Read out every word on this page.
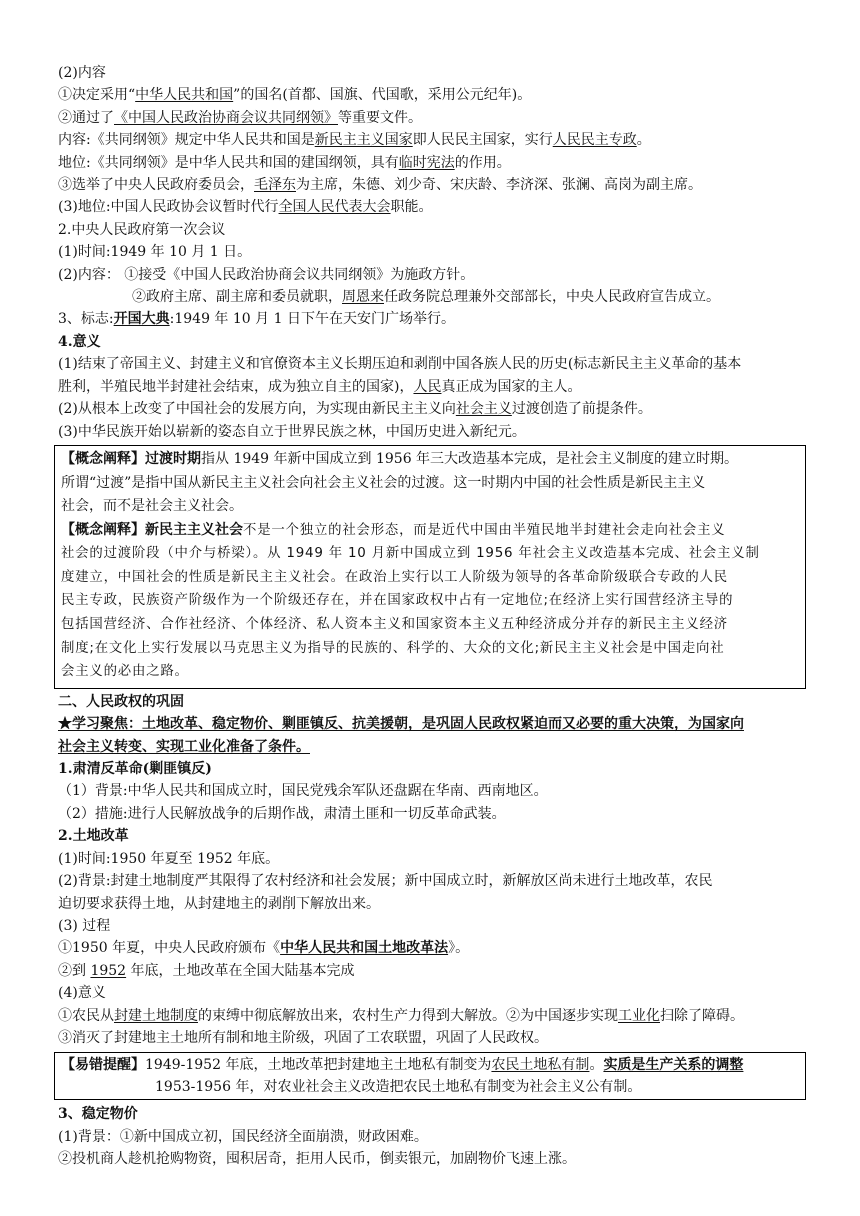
(2)内容
①决定采用“中华人民共和国”的国名(首都、国旗、代国歌，采用公元纪年)。
②通过了《中国人民政治协商会议共同纲领》等重要文件。
内容:《共同纲领》规定中华人民共和国是新民主主义国家即人民民主国家，实行人民民主专政。
地位:《共同纲领》是中华人民共和国的建国纲领，具有临时宪法的作用。
③选举了中央人民政府委员会，毛泽东为主席，朱德、刘少奇、宋庆龄、李济深、张澜、高岗为副主席。
(3)地位:中国人民政协会议暂时代行全国人民代表大会职能。
2.中央人民政府第一次会议
(1)时间:1949 年 10 月 1 日。
(2)内容： ①接受《中国人民政治协商会议共同纲领》为施政方针。
②政府主席、副主席和委员就职，周恩来任政务院总理兼外交部部长，中央人民政府宣告成立。
3、标志:开国大典:1949 年 10 月 1 日下午在天安门广场举行。
4.意义
(1)结束了帝国主义、封建主义和官僚资本主义长期压迫和剥削中国各族人民的历史(标志新民主主义革命的基本
胜利，半殖民地半封建社会结束，成为独立自主的国家)，人民真正成为国家的主人。
(2)从根本上改变了中国社会的发展方向，为实现由新民主主义向社会主义过渡创造了前提条件。
(3)中华民族开始以崭新的姿态自立于世界民族之林，中国历史进入新纪元。
【概念阐释】过渡时期指从 1949 年新中国成立到 1956 年三大改造基本完成，是社会主义制度的建立时期。
所谓“过渡”是指中国从新民主主义社会向社会主义社会的过渡。这一时期内中国的社会性质是新民主主义
社会，而不是社会主义社会。
【概念阐释】新民主主义社会不是一个独立的社会形态，而是近代中国由半殖民地半封建社会走向社会主义
社会的过渡阶段（中介与桥梁）。从 1949 年 10 月新中国成立到 1956 年社会主义改造基本完成、社会主义制
度建立，中国社会的性质是新民主主义社会。在政治上实行以工人阶级为领导的各革命阶级联合专政的人民
民主专政，民族资产阶级作为一个阶级还存在，并在国家政权中占有一定地位;在经济上实行国营经济主导的
包括国营经济、合作社经济、个体经济、私人资本主义和国家资本主义五种经济成分并存的新民主主义经济
制度;在文化上实行发展以马克思主义为指导的民族的、科学的、大众的文化;新民主主义社会是中国走向社
会主义的必由之路。
二、人民政权的巩固
★学习聚焦：土地改革、稳定物价、剿匪镇反、抗美援朝，是巩固人民政权紧迫而又必要的重大决策，为国家向
社会主义转变、实现工业化准备了条件。
1.肃清反革命(剿匪镇反)
（1）背景:中华人民共和国成立时，国民党残余军队还盘踞在华南、西南地区。
（2）措施:进行人民解放战争的后期作战，肃清土匪和一切反革命武装。
2.土地改革
(1)时间:1950 年夏至 1952 年底。
(2)背景:封建土地制度严其限得了农村经济和社会发展；新中国成立时，新解放区尚未进行土地改革，农民
迫切要求获得土地，从封建地主的剥削下解放出来。
(3) 过程
①1950 年夏，中央人民政府颁布《中华人民共和国土地改革法》。
②到 1952 年底，土地改革在全国大陆基本完成
(4)意义
①农民从封建土地制度的束缚中彻底解放出来，农村生产力得到大解放。②为中国逐步实现工业化扫除了障碍。
③消灭了封建地主土地所有制和地主阶级，巩固了工农联盟，巩固了人民政权。
【易错提醒】1949-1952 年底，土地改革把封建地主土地私有制变为农民土地私有制。实质是生产关系的调整
1953-1956 年，对农业社会主义改造把农民土地私有制变为社会主义公有制。
3、稳定物价
(1)背景：①新中国成立初，国民经济全面崩溃，财政困难。
②投机商人趁机抢购物资，囤积居奇，拒用人民币，倒卖银元，加剧物价飞速上涨。
